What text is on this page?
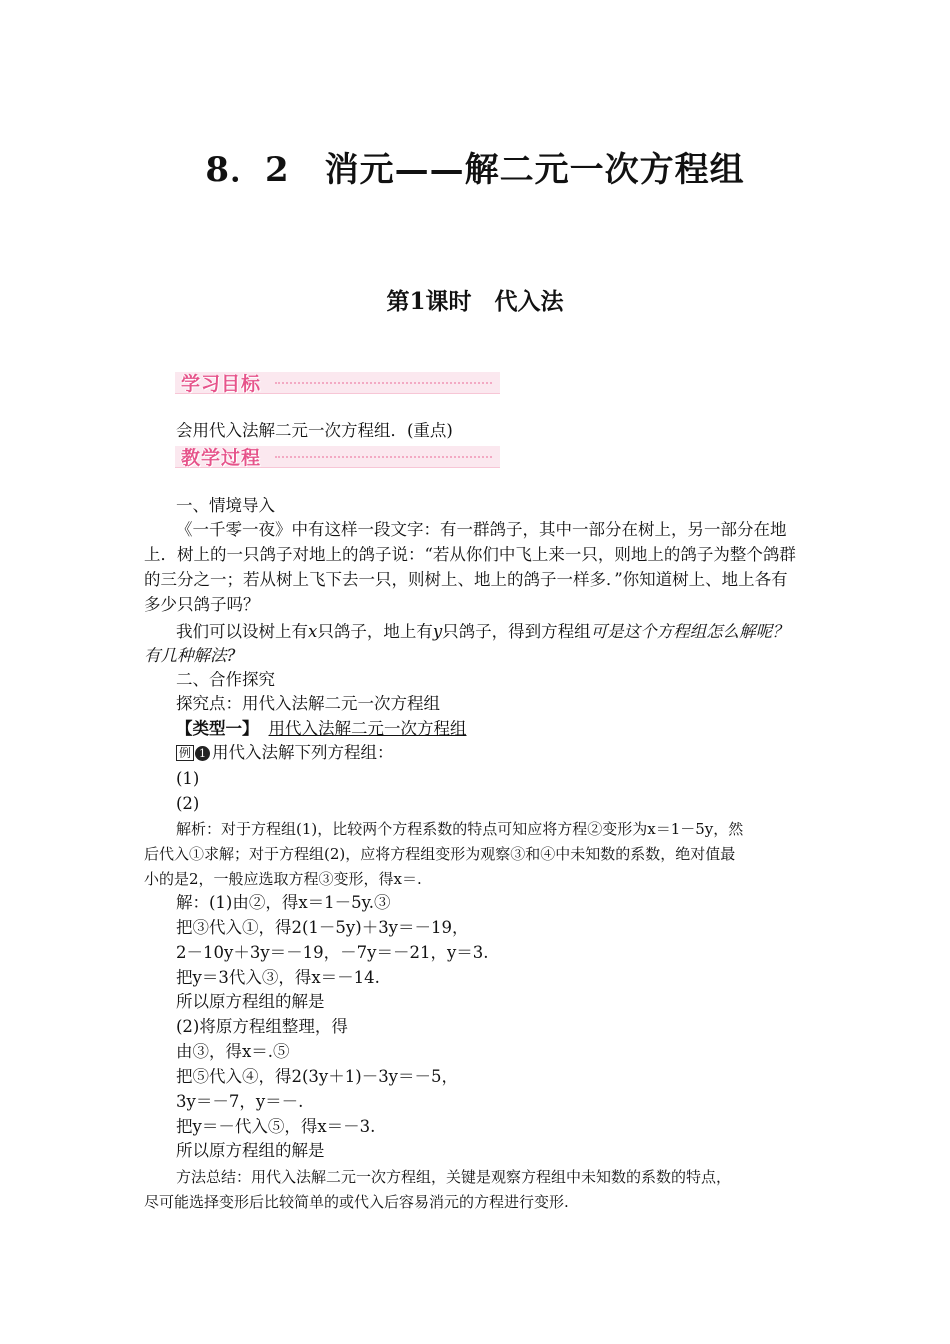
8．2　消元——解二元一次方程组
第1课时　代入法
学习目标
会用代入法解二元一次方程组．(重点)
教学过程
一、情境导入
《一千零一夜》中有这样一段文字：有一群鸽子，其中一部分在树上，另一部分在地
上．树上的一只鸽子对地上的鸽子说：“若从你们中飞上来一只，则地上的鸽子为整个鸽群
的三分之一；若从树上飞下去一只，则树上、地上的鸽子一样多．”你知道树上、地上各有
多少只鸽子吗？
我们可以设树上有x只鸽子，地上有y只鸽子，得到方程组可是这个方程组怎么解呢？
有几种解法?
二、合作探究
探究点：用代入法解二元一次方程组
【类型一】 用代入法解二元一次方程组
例 1 用代入法解下列方程组：
(1)
(2)
解析：对于方程组(1)，比较两个方程系数的特点可知应将方程②变形为x＝1－5y，然
后代入①求解；对于方程组(2)，应将方程组变形为观察③和④中未知数的系数，绝对值最
小的是2，一般应选取方程③变形，得x＝.
解：(1)由②，得x＝1－5y.③
把③代入①，得2(1－5y)＋3y＝－19，
2－10y＋3y＝－19，－7y＝－21，y＝3.
把y＝3代入③，得x＝－14.
所以原方程组的解是
(2)将原方程组整理，得
由③，得x＝.⑤
把⑤代入④，得2(3y＋1)－3y＝－5，
3y＝－7，y＝－.
把y＝－代入⑤，得x＝－3.
所以原方程组的解是
方法总结：用代入法解二元一次方程组，关键是观察方程组中未知数的系数的特点，
尽可能选择变形后比较简单的或代入后容易消元的方程进行变形.
